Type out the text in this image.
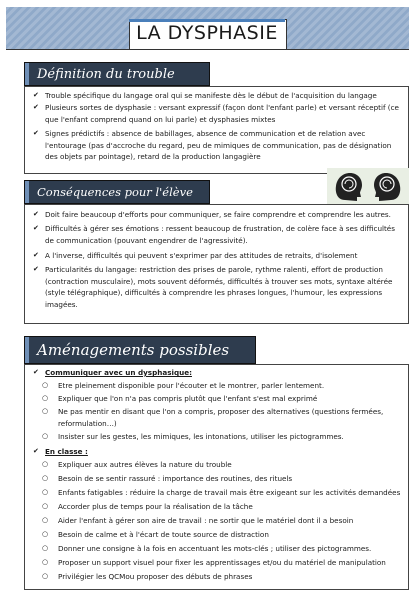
LA DYSPHASIE
Définition du trouble
✔ Trouble spécifique du langage oral qui se manifeste dès le début de l'acquisition du langage
✔ Plusieurs sortes de dysphasie : versant expressif (façon dont l'enfant parle) et versant réceptif (ce que l'enfant comprend quand on lui parle) et dysphasies mixtes
✔ Signes prédictifs : absence de babillages, absence de communication et de relation avec l'entourage (pas d'accroche du regard, peu de mimiques de communication, pas de désignation des objets par pointage), retard de la production langagière
Conséquences pour l'élève
✔ Doit faire beaucoup d'efforts pour communiquer, se faire comprendre et comprendre les autres.
✔ Difficultés à gérer ses émotions : ressent beaucoup de frustration, de colère face à ses difficultés de communication (pouvant engendrer de l'agressivité).
✔ A l'inverse, difficultés qui peuvent s'exprimer par des attitudes de retraits, d'isolement
✔ Particularités du langage: restriction des prises de parole, rythme ralenti, effort de production (contraction musculaire), mots souvent déformés, difficultés à trouver ses mots, syntaxe altérée (style télégraphique), difficultés à comprendre les phrases longues, l'humour, les expressions imagées.
Aménagements possibles
✔ Communiquer avec un dysphasique:
○	Etre pleinement disponible pour l'écouter et le montrer, parler lentement.
○	Expliquer que l'on n'a pas compris plutôt que l'enfant s'est mal exprimé
○	Ne pas mentir en disant que l'on a compris, proposer des alternatives (questions fermées, reformulation…)
○	Insister sur les gestes, les mimiques, les intonations, utiliser les pictogrammes.
✔ En classe :
○	Expliquer aux autres élèves la nature du trouble
○	Besoin de se sentir rassuré : importance des routines, des rituels
○	Enfants fatigables : réduire la charge de travail mais être exigeant sur les activités demandées
○	Accorder plus de temps pour la réalisation de la tâche
○	Aider l'enfant à gérer son aire de travail : ne sortir que le matériel dont il a besoin
○	Besoin de calme et à l'écart de toute source de distraction
○	Donner une consigne à la fois en accentuant les mots-clés ; utiliser des pictogrammes.
○	Proposer un support visuel pour fixer les apprentissages et/ou du matériel de manipulation
○	Privilégier les QCMou proposer des débuts de phrases
